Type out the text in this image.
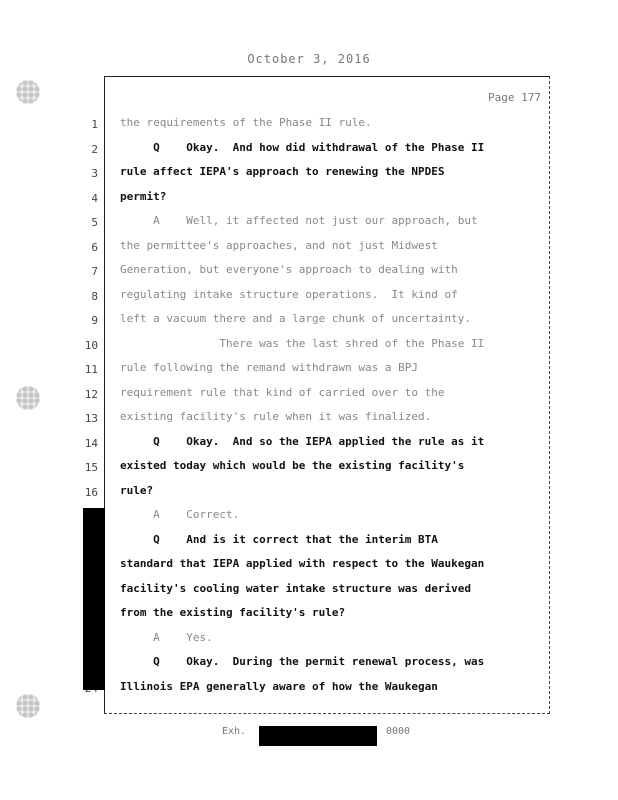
October 3, 2016
Page 177
1 the requirements of the Phase II rule.
2 Q    Okay.  And how did withdrawal of the Phase II
3 rule affect IEPA's approach to renewing the NPDES
4 permit?
5 A    Well, it affected not just our approach, but
6 the permittee's approaches, and not just Midwest
7 Generation, but everyone's approach to dealing with
8 regulating intake structure operations.  It kind of
9 left a vacuum there and a large chunk of uncertainty.
10 There was the last shred of the Phase II
11 rule following the remand withdrawn was a BPJ
12 requirement rule that kind of carried over to the
13 existing facility's rule when it was finalized.
14 Q    Okay.  And so the IEPA applied the rule as it
15 existed today which would be the existing facility's
16 rule?
A    Correct.
Q    And is it correct that the interim BTA
standard that IEPA applied with respect to the Waukegan
facility's cooling water intake structure was derived
from the existing facility's rule?
A    Yes.
Q    Okay.  During the permit renewal process, was
Illinois EPA generally aware of how the Waukegan
Exh.	0000
